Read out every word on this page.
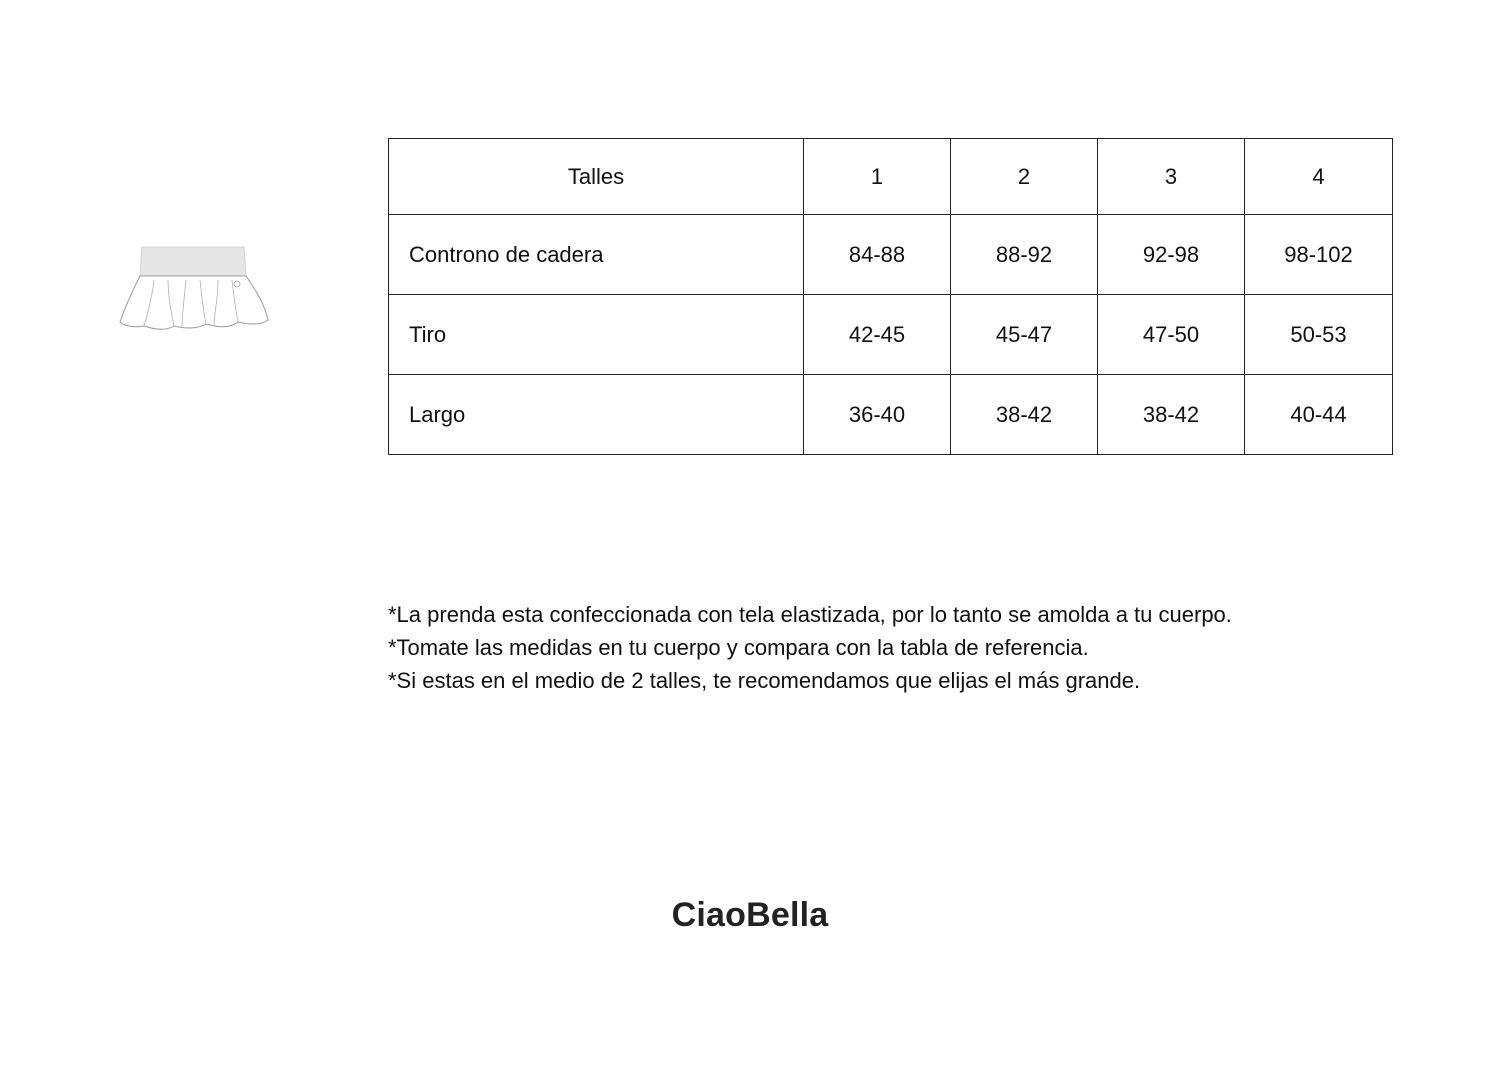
Talles	1	2	3	4
Controno de cadera	84-88	88-92	92-98	98-102
Tiro	42-45	45-47	47-50	50-53
Largo	36-40	38-42	38-42	40-44

*La prenda esta confeccionada con tela elastizada, por lo tanto se amolda a tu cuerpo.

*Tomate las medidas en tu cuerpo y compara con la tabla de referencia.

*Si estas en el medio de 2 talles, te recomendamos que elijas el más grande.

CiaoBella
